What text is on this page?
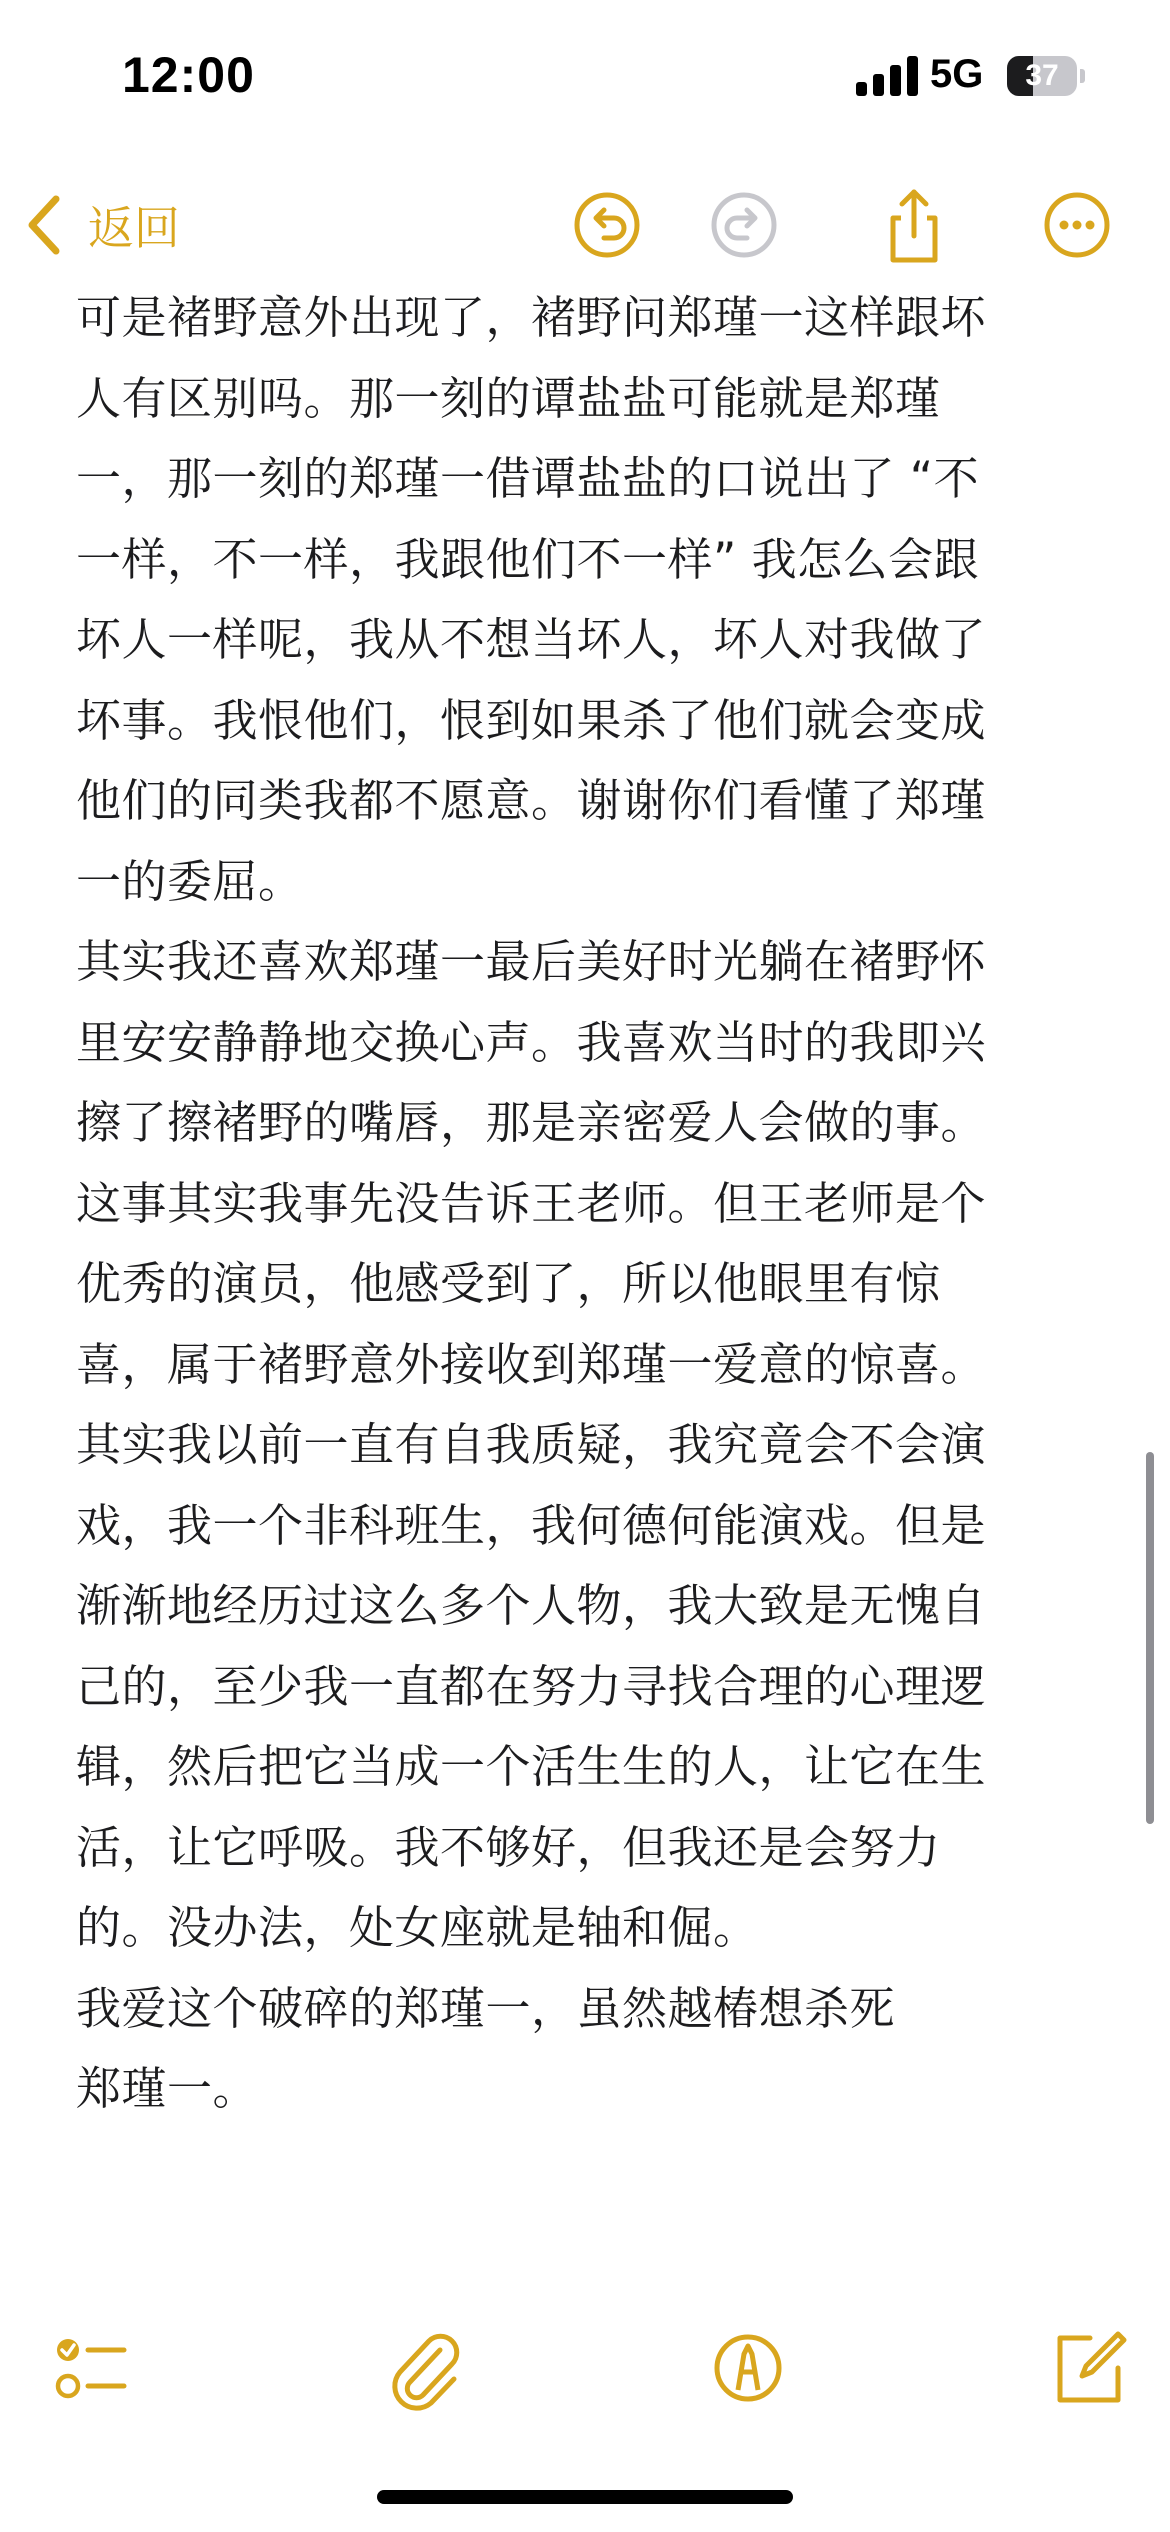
12:00	5G	37
返回
可是褚野意外出现了，褚野问郑瑾一这样跟坏
人有区别吗。那一刻的谭盐盐可能就是郑瑾
一，那一刻的郑瑾一借谭盐盐的口说出了 “不
一样，不一样，我跟他们不一样” 我怎么会跟
坏人一样呢，我从不想当坏人，坏人对我做了
坏事。我恨他们，恨到如果杀了他们就会变成
他们的同类我都不愿意。谢谢你们看懂了郑瑾
一的委屈。
其实我还喜欢郑瑾一最后美好时光躺在褚野怀
里安安静静地交换心声。我喜欢当时的我即兴
擦了擦褚野的嘴唇，那是亲密爱人会做的事。
这事其实我事先没告诉王老师。但王老师是个
优秀的演员，他感受到了，所以他眼里有惊
喜，属于褚野意外接收到郑瑾一爱意的惊喜。
其实我以前一直有自我质疑，我究竟会不会演
戏，我一个非科班生，我何德何能演戏。但是
渐渐地经历过这么多个人物，我大致是无愧自
己的，至少我一直都在努力寻找合理的心理逻
辑，然后把它当成一个活生生的人，让它在生
活，让它呼吸。我不够好，但我还是会努力
的。没办法，处女座就是轴和倔。
我爱这个破碎的郑瑾一，虽然越椿想杀死
郑瑾一。
